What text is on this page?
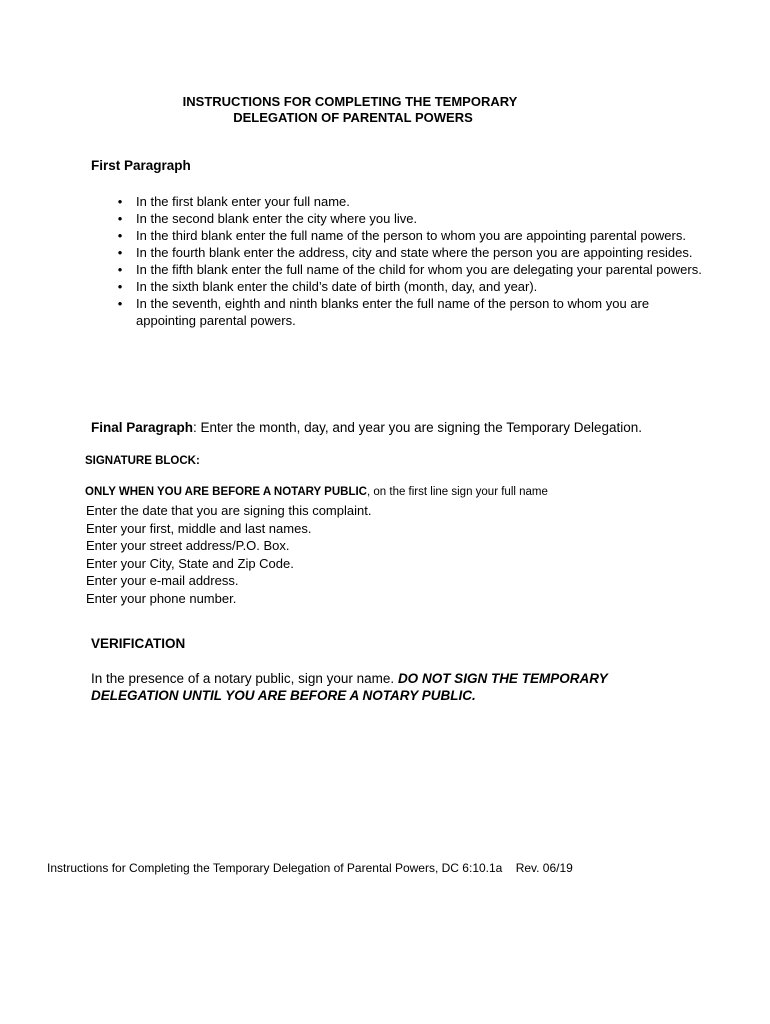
INSTRUCTIONS FOR COMPLETING THE TEMPORARY
DELEGATION OF PARENTAL POWERS
First Paragraph
• In the first blank enter your full name.
• In the second blank enter the city where you live.
• In the third blank enter the full name of the person to whom you are appointing parental powers.
• In the fourth blank enter the address, city and state where the person you are appointing resides.
• In the fifth blank enter the full name of the child for whom you are delegating your parental powers.
• In the sixth blank enter the child’s date of birth (month, day, and year).
• In the seventh, eighth and ninth blanks enter the full name of the person to whom you are appointing parental powers.
Final Paragraph: Enter the month, day, and year you are signing the Temporary Delegation.
SIGNATURE BLOCK:
ONLY WHEN YOU ARE BEFORE A NOTARY PUBLIC, on the first line sign your full name
Enter the date that you are signing this complaint.
Enter your first, middle and last names.
Enter your street address/P.O. Box.
Enter your City, State and Zip Code.
Enter your e-mail address.
Enter your phone number.
VERIFICATION
In the presence of a notary public, sign your name. DO NOT SIGN THE TEMPORARY DELEGATION UNTIL YOU ARE BEFORE A NOTARY PUBLIC.
Instructions for Completing the Temporary Delegation of Parental Powers, DC 6:10.1a Rev. 06/19
